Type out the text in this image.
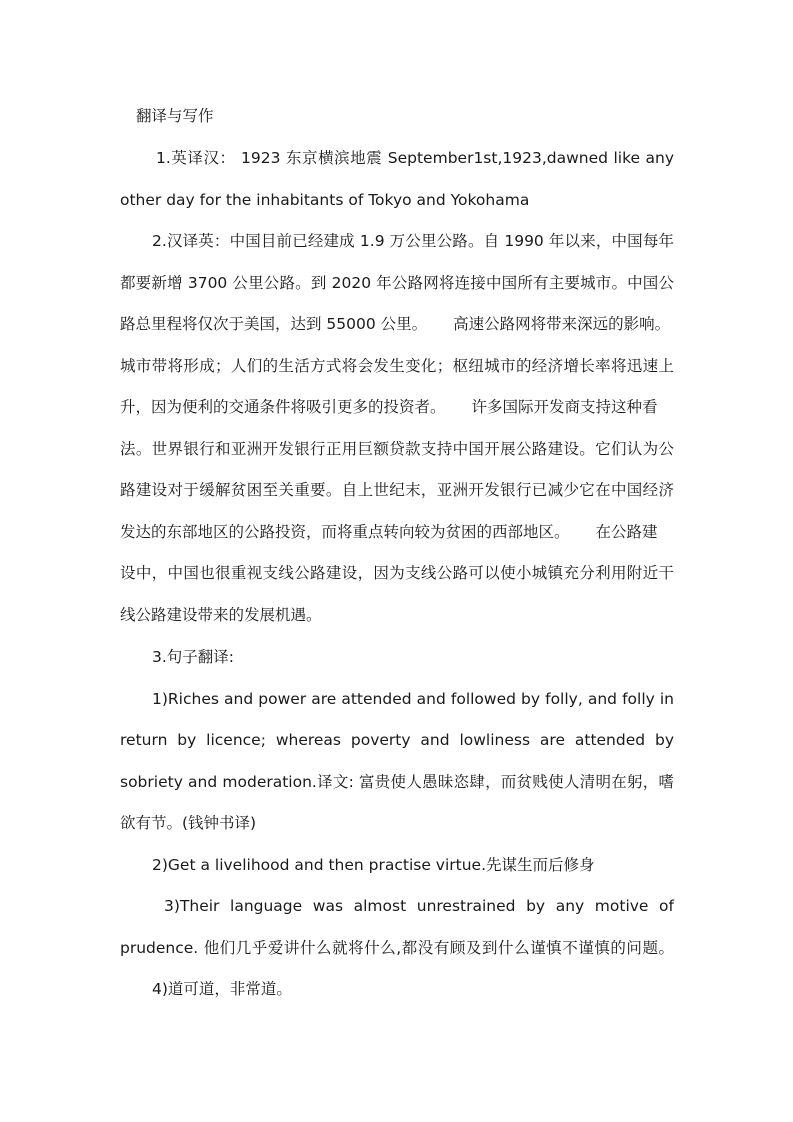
翻译与写作

1.英译汉： 1923 东京横滨地震 September1st,1923,dawned like any
other day for the inhabitants of Tokyo and Yokohama
2.汉译英：中国目前已经建成 1.9 万公里公路。自 1990 年以来，中国每年
都要新增 3700 公里公路。到 2020 年公路网将连接中国所有主要城市。中国公
路总里程将仅次于美国，达到 55000 公里。 高速公路网将带来深远的影响。
城市带将形成；人们的生活方式将会发生变化；枢纽城市的经济增长率将迅速上
升，因为便利的交通条件将吸引更多的投资者。 许多国际开发商支持这种看
法。世界银行和亚洲开发银行正用巨额贷款支持中国开展公路建设。它们认为公
路建设对于缓解贫困至关重要。自上世纪末，亚洲开发银行已减少它在中国经济
发达的东部地区的公路投资，而将重点转向较为贫困的西部地区。 在公路建
设中，中国也很重视支线公路建设，因为支线公路可以使小城镇充分利用附近干
线公路建设带来的发展机遇。
3.句子翻译:
1)Riches and power are attended and followed by folly, and folly in
return by licence; whereas poverty and lowliness are attended by
sobriety and moderation.译文: 富贵使人愚昧恣肆，而贫贱使人清明在躬，嗜
欲有节。(钱钟书译)
2)Get a livelihood and then practise virtue.先谋生而后修身
3)Their language was almost unrestrained by any motive of
prudence. 他们几乎爱讲什么就将什么,都没有顾及到什么谨慎不谨慎的问题。
4)道可道，非常道。
